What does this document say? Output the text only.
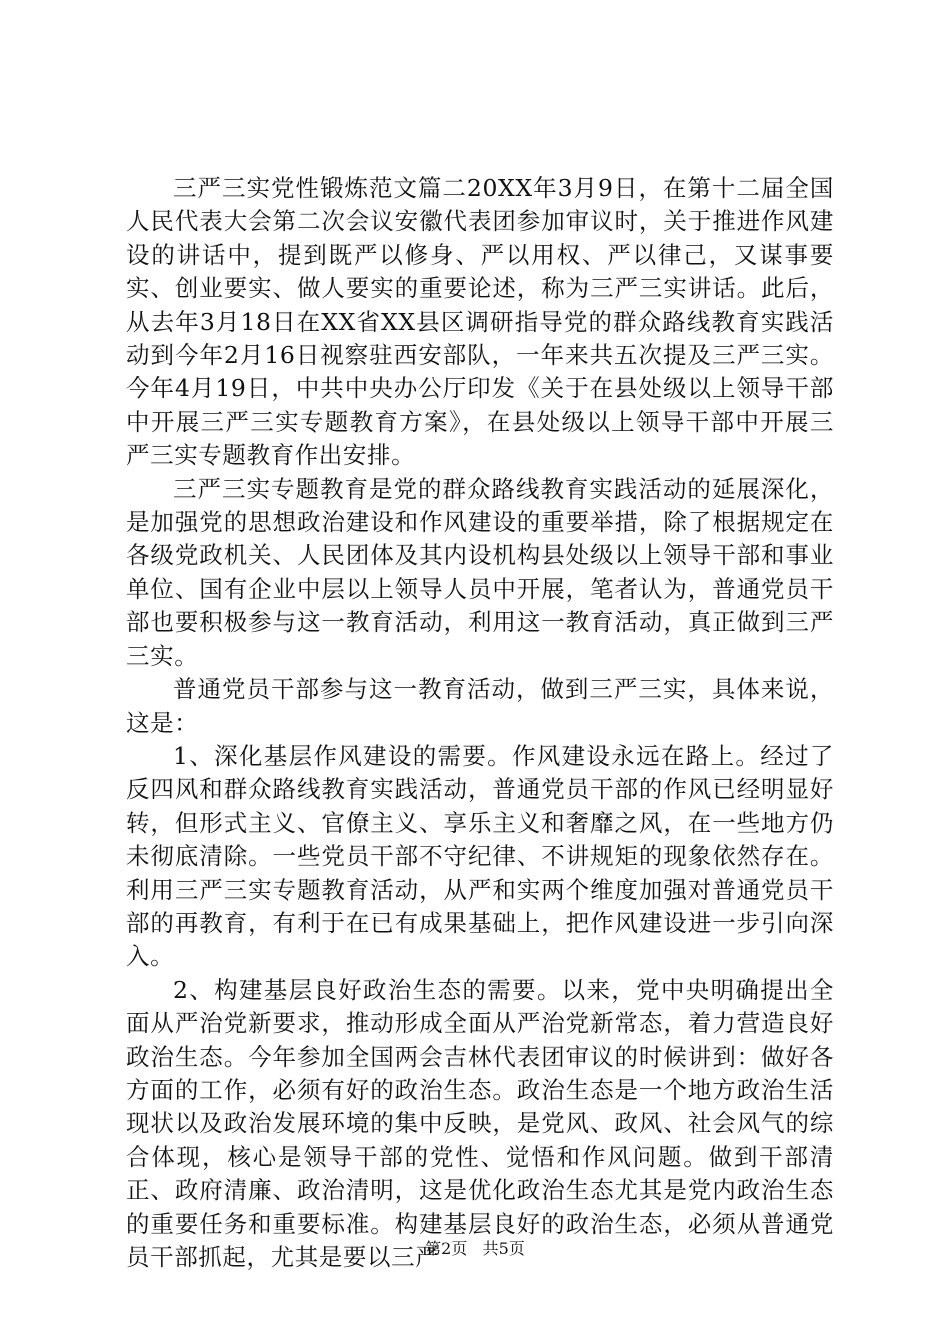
三严三实党性锻炼范文篇二20XX年3月9日，在第十二届全国人民代表大会第二次会议安徽代表团参加审议时，关于推进作风建设的讲话中，提到既严以修身、严以用权、严以律己，又谋事要实、创业要实、做人要实的重要论述，称为三严三实讲话。此后，从去年3月18日在XX省XX县区调研指导党的群众路线教育实践活动到今年2月16日视察驻西安部队，一年来共五次提及三严三实。今年4月19日，中共中央办公厅印发《关于在县处级以上领导干部中开展三严三实专题教育方案》，在县处级以上领导干部中开展三严三实专题教育作出安排。

三严三实专题教育是党的群众路线教育实践活动的延展深化，是加强党的思想政治建设和作风建设的重要举措，除了根据规定在各级党政机关、人民团体及其内设机构县处级以上领导干部和事业单位、国有企业中层以上领导人员中开展，笔者认为，普通党员干部也要积极参与这一教育活动，利用这一教育活动，真正做到三严三实。

普通党员干部参与这一教育活动，做到三严三实，具体来说，这是：

1、深化基层作风建设的需要。作风建设永远在路上。经过了反四风和群众路线教育实践活动，普通党员干部的作风已经明显好转，但形式主义、官僚主义、享乐主义和奢靡之风，在一些地方仍未彻底清除。一些党员干部不守纪律、不讲规矩的现象依然存在。利用三严三实专题教育活动，从严和实两个维度加强对普通党员干部的再教育，有利于在已有成果基础上，把作风建设进一步引向深入。

2、构建基层良好政治生态的需要。以来，党中央明确提出全面从严治党新要求，推动形成全面从严治党新常态，着力营造良好政治生态。今年参加全国两会吉林代表团审议的时候讲到：做好各方面的工作，必须有好的政治生态。政治生态是一个地方政治生活现状以及政治发展环境的集中反映，是党风、政风、社会风气的综合体现，核心是领导干部的党性、觉悟和作风问题。做到干部清正、政府清廉、政治清明，这是优化政治生态尤其是党内政治生态的重要任务和重要标准。构建基层良好的政治生态，必须从普通党员干部抓起，尤其是要以三严

第2页 共5页
